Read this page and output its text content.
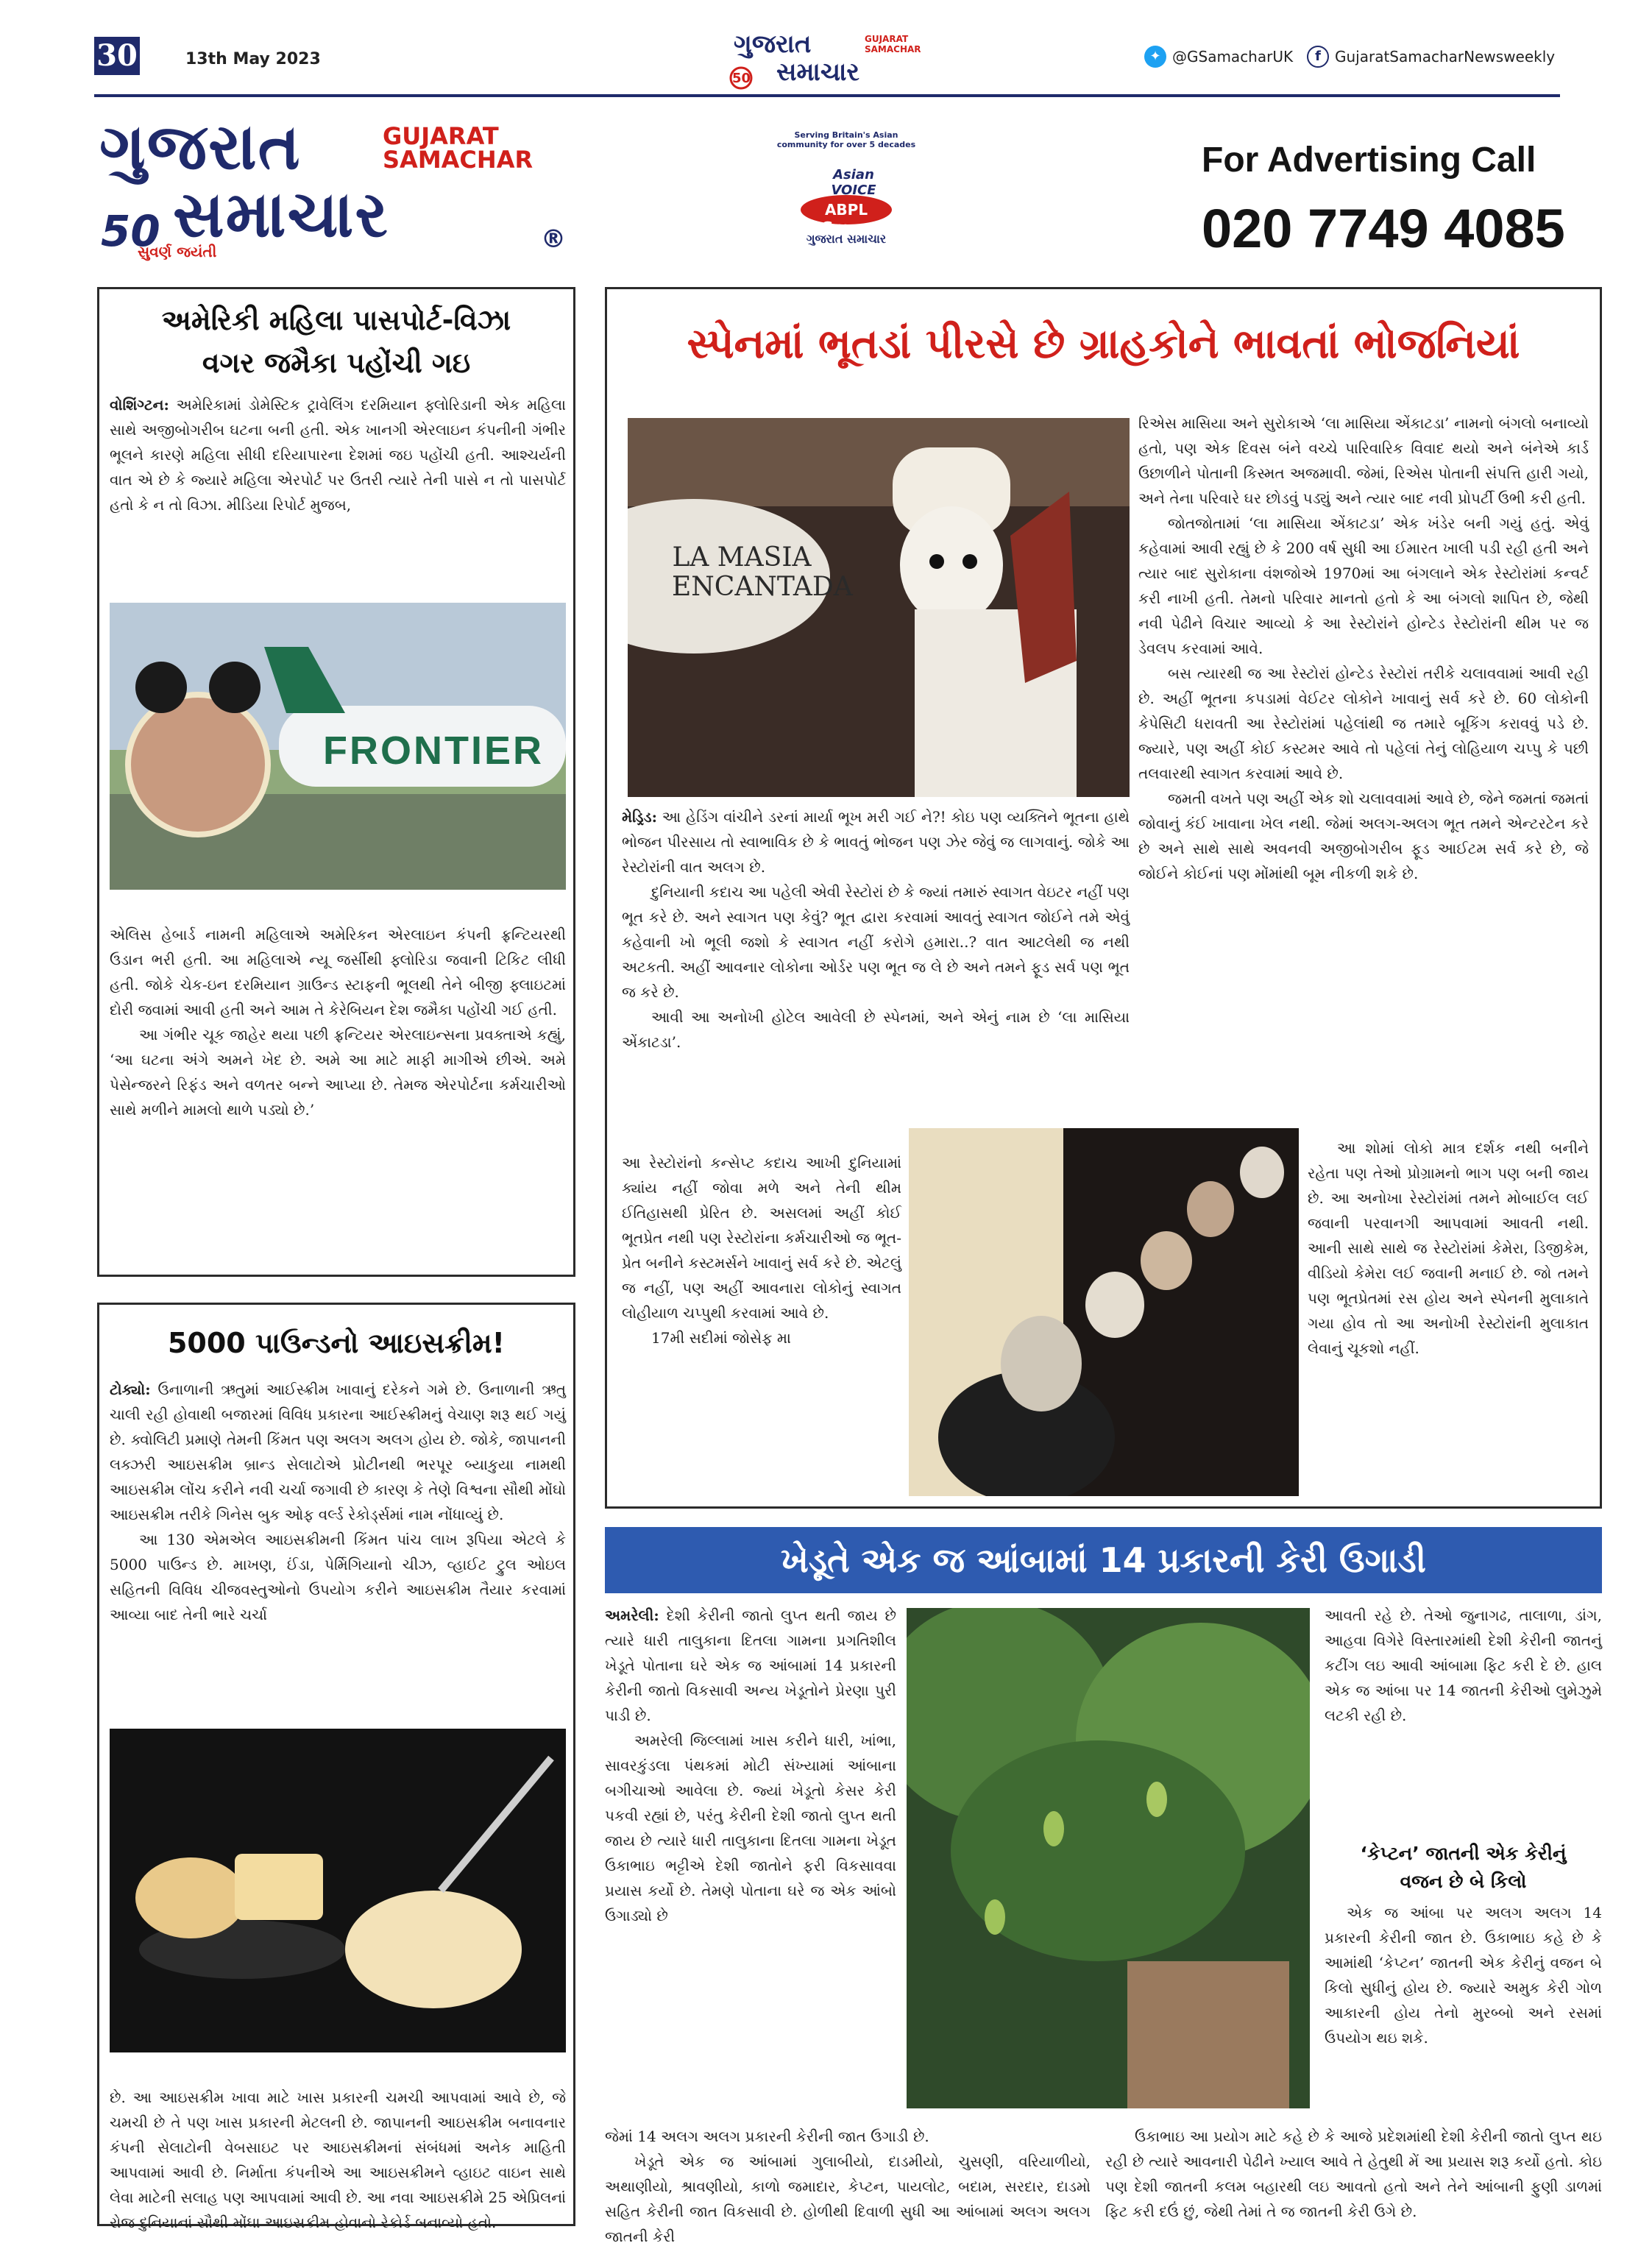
30	13th May 2023
ગુજરાત
સમાચાર
GUJARAT SAMACHAR
50
✦ @GSamacharUK	f GujaratSamacharNewsweekly
ગુજરાત	GUJARAT
SAMACHAR
સમાચાર
50
સુવર્ણ જયંતી	®
Serving Britain's Asian community for over 5 decades
Asian VOICE
ABPL Group
ગુજરાત સમાચાર
For Advertising Call
020 7749 4085
અમેરિકી મહિલા પાસપોર્ટ-વિઝા
વગર જમૈકા પહોંચી ગઇ

વોશિંગ્ટન: અમેરિકામાં ડોમેસ્ટિક ટ્રાવેલિંગ દરમિયાન ફ્લોરિડાની એક મહિલા સાથે અજીબોગરીબ ઘટના બની હતી. એક ખાનગી એરલાઇન કંપનીની ગંભીર ભૂલને કારણે મહિલા સીધી દરિયાપારના દેશમાં જઇ પહોંચી હતી. આશ્ચર્યની વાત એ છે કે જ્યારે મહિલા એરપોર્ટ પર ઉતરી ત્યારે તેની પાસે ન તો પાસપોર્ટ હતો કે ન તો વિઝા. મીડિયા રિપોર્ટ મુજબ,

FRONTIER

એલિસ હેબાર્ડ નામની મહિલાએ અમેરિકન એરલાઇન કંપની ફ્રન્ટિયરથી ઉડાન ભરી હતી. આ મહિલાએ ન્યૂ જર્સીથી ફ્લોરિડા જવાની ટિકિટ લીધી હતી. જોકે ચેક-ઇન દરમિયાન ગ્રાઉન્ડ સ્ટાફની ભૂલથી તેને બીજી ફ્લાઇટમાં દોરી જવામાં આવી હતી અને આમ તે કેરેબિયન દેશ જમૈકા પહોંચી ગઈ હતી.

આ ગંભીર ચૂક જાહેર થયા પછી ફ્રન્ટિયર એરલાઇન્સના પ્રવક્તાએ કહ્યું, ‘આ ઘટના અંગે અમને ખેદ છે. અમે આ માટે માફી માગીએ છીએ. અમે પેસેન્જરને રિફંડ અને વળતર બન્ને આપ્યા છે. તેમજ એરપોર્ટના કર્મચારીઓ સાથે મળીને મામલો થાળે પડ્યો છે.’

5000 પાઉન્ડનો આઇસક્રીમ!

ટોક્યો: ઉનાળાની ઋતુમાં આઈસ્ક્રીમ ખાવાનું દરેકને ગમે છે. ઉનાળાની ઋતુ ચાલી રહી હોવાથી બજારમાં વિવિધ પ્રકારના આઈસ્ક્રીમનું વેચાણ શરૂ થઈ ગયું છે. ક્વોલિટી પ્રમાણે તેમની કિંમત પણ અલગ અલગ હોય છે. જોકે, જાપાનની લક્ઝરી આઇસક્રીમ બ્રાન્ડ સેલાટોએ પ્રોટીનથી ભરપૂર બ્યાકુયા નામથી આઇસક્રીમ લોંચ કરીને નવી ચર્ચા જગાવી છે કારણ કે તેણે વિશ્વના સૌથી મોંઘો આઇસક્રીમ તરીકે ગિનેસ બુક ઓફ વર્લ્ડ રેકોર્ડ્સમાં નામ નોંધાવ્યું છે.

આ 130 એમએલ આઇસક્રીમની કિંમત પાંચ લાખ રૂપિયા એટલે કે 5000 પાઉન્ડ છે. માખણ, ઈંડા, પેર્મિગિયાનો ચીઝ, વ્હાઈટ ટ્રુલ ઓઇલ સહિતની વિવિધ ચીજવસ્તુઓનો ઉપયોગ કરીને આઇસક્રીમ તૈયાર કરવામાં આવ્યા બાદ તેની ભારે ચર્ચા

છે. આ આઇસક્રીમ ખાવા માટે ખાસ પ્રકારની ચમચી આપવામાં આવે છે, જે ચમચી છે તે પણ ખાસ પ્રકારની મેટલની છે. જાપાનની આઇસક્રીમ બનાવનાર કંપની સેલાટોની વેબસાઇટ પર આઇસક્રીમનાં સંબંધમાં અનેક માહિતી આપવામાં આવી છે. નિર્માતા કંપનીએ આ આઇસક્રીમને વ્હાઇટ વાઇન સાથે લેવા માટેની સલાહ પણ આપવામાં આવી છે. આ નવા આઇસક્રીમે 25 એપ્રિલનાં રોજ દુનિયાનાં સૌથી મોંઘા આઇસક્રીમ હોવાનો રેકોર્ડ બનાવ્યો હતો.

સ્પેનમાં ભૂતડાં પીરસે છે ગ્રાહકોને ભાવતાં ભોજનિયાં
LA MASIA ENCANTADA

મેડ્રિડ: આ હેડિંગ વાંચીને ડરનાં માર્યા ભૂખ મરી ગઈ ને?! કોઇ પણ વ્યક્તિને ભૂતના હાથે ભોજન પીરસાય તો સ્વાભાવિક છે કે ભાવતું ભોજન પણ ઝેર જેવું જ લાગવાનું. જોકે આ રેસ્ટોરાંની વાત અલગ છે.

દુનિયાની કદાચ આ પહેલી એવી રેસ્ટોરાં છે કે જ્યાં તમારું સ્વાગત વેઇટર નહીં પણ ભૂત કરે છે. અને સ્વાગત પણ કેવું? ભૂત દ્વારા કરવામાં આવતું સ્વાગત જોઈને તમે એવું કહેવાની ખો ભૂલી જશો કે સ્વાગત નહીં કરોગે હમારા..? વાત આટલેથી જ નથી અટકતી. અહીં આવનાર લોકોના ઓર્ડર પણ ભૂત જ લે છે અને તમને ફૂડ સર્વ પણ ભૂત જ કરે છે.

આવી આ અનોખી હોટેલ આવેલી છે સ્પેનમાં, અને એનું નામ છે ‘લા માસિયા એંકાટડા’.

આ રેસ્ટોરાંનો કન્સેપ્ટ કદાચ આખી દુનિયામાં ક્યાંય નહીં જોવા મળે અને તેની થીમ ઈતિહાસથી પ્રેરિત છે. અસલમાં અહીં કોઈ ભૂતપ્રેત નથી પણ રેસ્ટોરાંના કર્મચારીઓ જ ભૂત-પ્રેત બનીને કસ્ટમર્સને ખાવાનું સર્વ કરે છે. એટલું જ નહીં, પણ અહીં આવનારા લોકોનું સ્વાગત લોહીયાળ ચપ્પુથી કરવામાં આવે છે.

17મી સદીમાં જોસેફ મા

રિએસ માસિયા અને સુરોકાએ ‘લા માસિયા એંકાટડા’ નામનો બંગલો બનાવ્યો હતો, પણ એક દિવસ બંને વચ્ચે પારિવારિક વિવાદ થયો અને બંનેએ કાર્ડ ઉછાળીને પોતાની કિસ્મત અજમાવી. જેમાં, રિએસ પોતાની સંપત્તિ હારી ગયો, અને તેના પરિવારે ઘર છોડવું પડ્યું અને ત્યાર બાદ નવી પ્રોપર્ટી ઉભી કરી હતી.

જોતજોતામાં ‘લા માસિયા એંકાટડા’ એક ખંડેર બની ગયું હતું. એવું કહેવામાં આવી રહ્યું છે કે 200 વર્ષ સુધી આ ઈમારત ખાલી પડી રહી હતી અને ત્યાર બાદ સુરોકાના વંશજોએ 1970માં આ બંગલાને એક રેસ્ટોરાંમાં કન્વર્ટ કરી નાખી હતી. તેમનો પરિવાર માનતો હતો કે આ બંગલો શાપિત છે, જેથી નવી પેઢીને વિચાર આવ્યો કે આ રેસ્ટોરાંને હોન્ટેડ રેસ્ટોરાંની થીમ પર જ ડેવલપ કરવામાં આવે.

બસ ત્યારથી જ આ રેસ્ટોરાં હોન્ટેડ રેસ્ટોરાં તરીકે ચલાવવામાં આવી રહી છે. અહીં ભૂતના કપડામાં વેઈટર લોકોને ખાવાનું સર્વ કરે છે. 60 લોકોની કેપેસિટી ધરાવતી આ રેસ્ટોરાંમાં પહેલાંથી જ તમારે બૂકિંગ કરાવવું પડે છે. જ્યારે, પણ અહીં કોઈ કસ્ટમર આવે તો પહેલાં તેનું લોહિયાળ ચપ્પુ કે પછી તલવારથી સ્વાગત કરવામાં આવે છે.

જમતી વખતે પણ અહીં એક શો ચલાવવામાં આવે છે, જેને જમતાં જમતાં જોવાનું કંઈ ખાવાના ખેલ નથી. જેમાં અલગ-અલગ ભૂત તમને એન્ટરટેન કરે છે અને સાથે સાથે અવનવી અજીબોગરીબ ફૂડ આઈટમ સર્વ કરે છે, જે જોઈને કોઈનાં પણ મોંમાંથી બૂમ નીકળી શકે છે.

આ શોમાં લોકો માત્ર દર્શક નથી બનીને રહેતા પણ તેઓ પ્રોગ્રામનો ભાગ પણ બની જાય છે. આ અનોખા રેસ્ટોરાંમાં તમને મોબાઈલ લઈ જવાની પરવાનગી આપવામાં આવતી નથી. આની સાથે સાથે જ રેસ્ટોરાંમાં કેમેરા, ડિજીકેમ, વીડિયો કેમેરા લઈ જવાની મનાઈ છે. જો તમને પણ ભૂતપ્રેતમાં રસ હોય અને સ્પેનની મુલાકાતે ગયા હોવ તો આ અનોખી રેસ્ટોરાંની મુલાકાત લેવાનું ચૂકશો નહીં.

ખેડૂતે એક જ આંબામાં 14 પ્રકારની કેરી ઉગાડી

અમરેલી: દેશી કેરીની જાતો લુપ્ત થતી જાય છે ત્યારે ધારી તાલુકાના દિતલા ગામના પ્રગતિશીલ ખેડૂતે પોતાના ઘરે એક જ આંબામાં 14 પ્રકારની કેરીની જાતો વિકસાવી અન્ય ખેડૂતોને પ્રેરણા પુરી પાડી છે.

અમરેલી જિલ્લામાં ખાસ કરીને ધારી, ખાંભા, સાવરકુંડલા પંથકમાં મોટી સંખ્યામાં આંબાના બગીચાઓ આવેલા છે. જ્યાં ખેડૂતો કેસર કેરી પકવી રહ્યાં છે, પરંતુ કેરીની દેશી જાતો લુપ્ત થતી જાય છે ત્યારે ધારી તાલુકાના દિતલા ગામના ખેડૂત ઉકાભાઇ ભટ્ટીએ દેશી જાતોને ફરી વિકસાવવા પ્રયાસ કર્યો છે. તેમણે પોતાના ઘરે જ એક આંબો ઉગાડ્યો છે

આવતી રહે છે. તેઓ જુનાગઢ, તાલાળા, ડાંગ, આહવા વિગેરે વિસ્તારમાંથી દેશી કેરીની જાતનું કટીંગ લઇ આવી આંબામા ફિટ કરી દે છે. હાલ એક જ આંબા પર 14 જાતની કેરીઓ લુમેઝુમે લટકી રહી છે.

‘કેપ્ટન’ જાતની એક કેરીનું
વજન છે બે કિલો

એક જ આંબા પર અલગ અલગ 14 પ્રકારની કેરીની જાત છે. ઉકાભાઇ કહે છે કે આમાંથી ‘કેપ્ટન’ જાતની એક કેરીનું વજન બે કિલો સુધીનું હોય છે. જ્યારે અમુક કેરી ગોળ આકારની હોય તેનો મુરબ્બો અને રસમાં ઉપયોગ થઇ શકે.

જેમાં 14 અલગ અલગ પ્રકારની કેરીની જાત ઉગાડી છે.

ખેડૂતે એક જ આંબામાં ગુલાબીયો, દાડમીયો, ચુસણી, વરિયાળીયો, અથાણીયો, શ્રાવણીયો, કાળો જમાદાર, કેપ્ટન, પાયલોટ, બદામ, સરદાર, દાડમો સહિત કેરીની જાત વિકસાવી છે. હોળીથી દિવાળી સુધી આ આંબામાં અલગ અલગ જાતની કેરી

ઉકાભાઇ આ પ્રયોગ માટે કહે છે કે આજે પ્રદેશમાંથી દેશી કેરીની જાતો લુપ્ત થઇ રહી છે ત્યારે આવનારી પેઢીને ખ્યાલ આવે તે હેતુથી મેં આ પ્રયાસ શરૂ કર્યો હતો. કોઇ પણ દેશી જાતની કલમ બહારથી લઇ આવતો હતો અને તેને આંબાની ફુણી ડાળમાં ફિટ કરી દઉં છું, જેથી તેમાં તે જ જાતની કેરી ઉગે છે.
